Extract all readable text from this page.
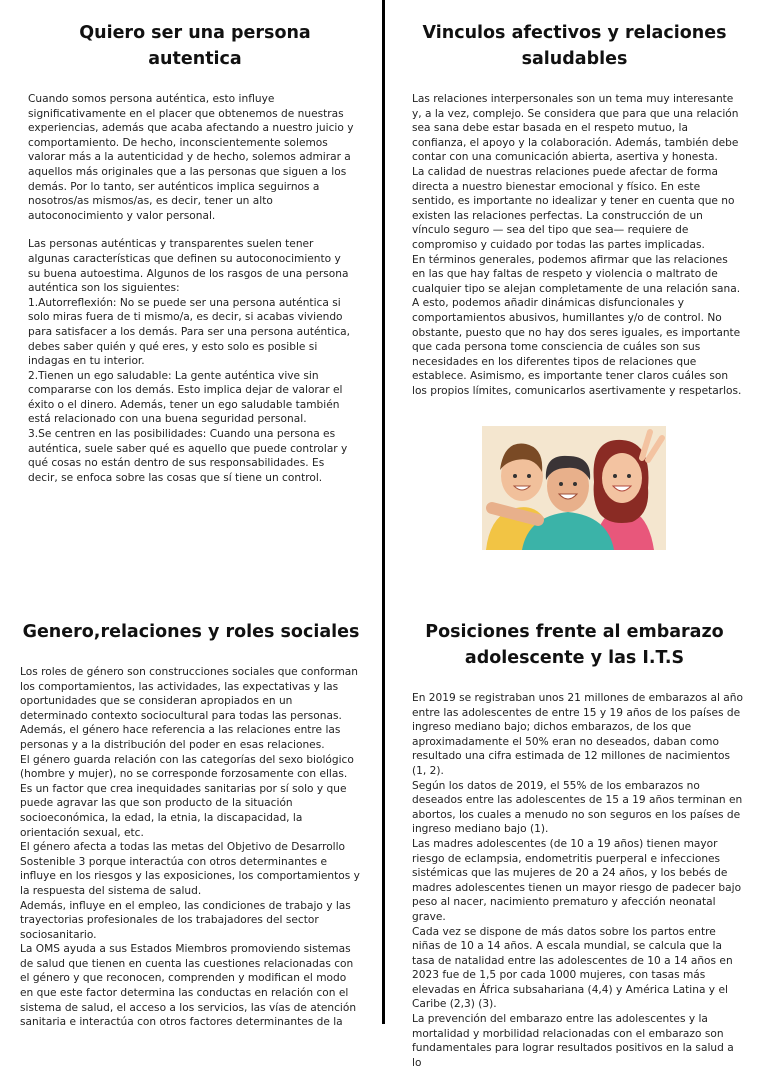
Quiero ser una persona
autentica

Cuando somos persona auténtica, esto influye significativamente en el placer que obtenemos de nuestras experiencias, además que acaba afectando a nuestro juicio y comportamiento. De hecho, inconscientemente solemos valorar más a la autenticidad y de hecho, solemos admirar a aquellos más originales que a las personas que siguen a los demás. Por lo tanto, ser auténticos implica seguirnos a nosotros/as mismos/as, es decir, tener un alto autoconocimiento y valor personal.

Las personas auténticas y transparentes suelen tener algunas características que definen su autoconocimiento y su buena autoestima. Algunos de los rasgos de una persona auténtica son los siguientes:
1.Autorreflexión: No se puede ser una persona auténtica si solo miras fuera de ti mismo/a, es decir, si acabas viviendo para satisfacer a los demás. Para ser una persona auténtica, debes saber quién y qué eres, y esto solo es posible si indagas en tu interior.
2.Tienen un ego saludable: La gente auténtica vive sin compararse con los demás. Esto implica dejar de valorar el éxito o el dinero. Además, tener un ego saludable también está relacionado con una buena seguridad personal.
3.Se centren en las posibilidades: Cuando una persona es auténtica, suele saber qué es aquello que puede controlar y qué cosas no están dentro de sus responsabilidades. Es decir, se enfoca sobre las cosas que sí tiene un control.

Vinculos afectivos y relaciones
saludables

Las relaciones interpersonales son un tema muy interesante y, a la vez, complejo. Se considera que para que una relación sea sana debe estar basada en el respeto mutuo, la confianza, el apoyo y la colaboración. Además, también debe contar con una comunicación abierta, asertiva y honesta.
La calidad de nuestras relaciones puede afectar de forma directa a nuestro bienestar emocional y físico. En este sentido, es importante no idealizar y tener en cuenta que no existen las relaciones perfectas. La construcción de un vínculo seguro — sea del tipo que sea— requiere de compromiso y cuidado por todas las partes implicadas.
En términos generales, podemos afirmar que las relaciones en las que hay faltas de respeto y violencia o maltrato de cualquier tipo se alejan completamente de una relación sana. A esto, podemos añadir dinámicas disfuncionales y comportamientos abusivos, humillantes y/o de control. No obstante, puesto que no hay dos seres iguales, es importante que cada persona tome consciencia de cuáles son sus necesidades en los diferentes tipos de relaciones que establece. Asimismo, es importante tener claros cuáles son los propios límites, comunicarlos asertivamente y respetarlos.

Genero,relaciones y roles sociales

Los roles de género son construcciones sociales que conforman los comportamientos, las actividades, las expectativas y las oportunidades que se consideran apropiados en un determinado contexto sociocultural para todas las personas. Además, el género hace referencia a las relaciones entre las personas y a la distribución del poder en esas relaciones.
El género guarda relación con las categorías del sexo biológico (hombre y mujer), no se corresponde forzosamente con ellas.
Es un factor que crea inequidades sanitarias por sí solo y que puede agravar las que son producto de la situación socioeconómica, la edad, la etnia, la discapacidad, la orientación sexual, etc.
El género afecta a todas las metas del Objetivo de Desarrollo Sostenible 3 porque interactúa con otros determinantes e influye en los riesgos y las exposiciones, los comportamientos y la respuesta del sistema de salud.
Además, influye en el empleo, las condiciones de trabajo y las trayectorias profesionales de los trabajadores del sector sociosanitario.
La OMS ayuda a sus Estados Miembros promoviendo sistemas de salud que tienen en cuenta las cuestiones relacionadas con el género y que reconocen, comprenden y modifican el modo en que este factor determina las conductas en relación con el sistema de salud, el acceso a los servicios, las vías de atención sanitaria e interactúa con otros factores determinantes de la

Posiciones frente al embarazo
adolescente y las I.T.S

En 2019 se registraban unos 21 millones de embarazos al año entre las adolescentes de entre 15 y 19 años de los países de ingreso mediano bajo; dichos embarazos, de los que aproximadamente el 50% eran no deseados, daban como resultado una cifra estimada de 12 millones de nacimientos (1, 2).
Según los datos de 2019, el 55% de los embarazos no deseados entre las adolescentes de 15 a 19 años terminan en abortos, los cuales a menudo no son seguros en los países de ingreso mediano bajo (1).
Las madres adolescentes (de 10 a 19 años) tienen mayor riesgo de eclampsia, endometritis puerperal e infecciones sistémicas que las mujeres de 20 a 24 años, y los bebés de madres adolescentes tienen un mayor riesgo de padecer bajo peso al nacer, nacimiento prematuro y afección neonatal grave.
Cada vez se dispone de más datos sobre los partos entre niñas de 10 a 14 años. A escala mundial, se calcula que la tasa de natalidad entre las adolescentes de 10 a 14 años en 2023 fue de 1,5 por cada 1000 mujeres, con tasas más elevadas en África subsahariana (4,4) y América Latina y el Caribe (2,3) (3).
La prevención del embarazo entre las adolescentes y la mortalidad y morbilidad relacionadas con el embarazo son fundamentales para lograr resultados positivos en la salud a lo
